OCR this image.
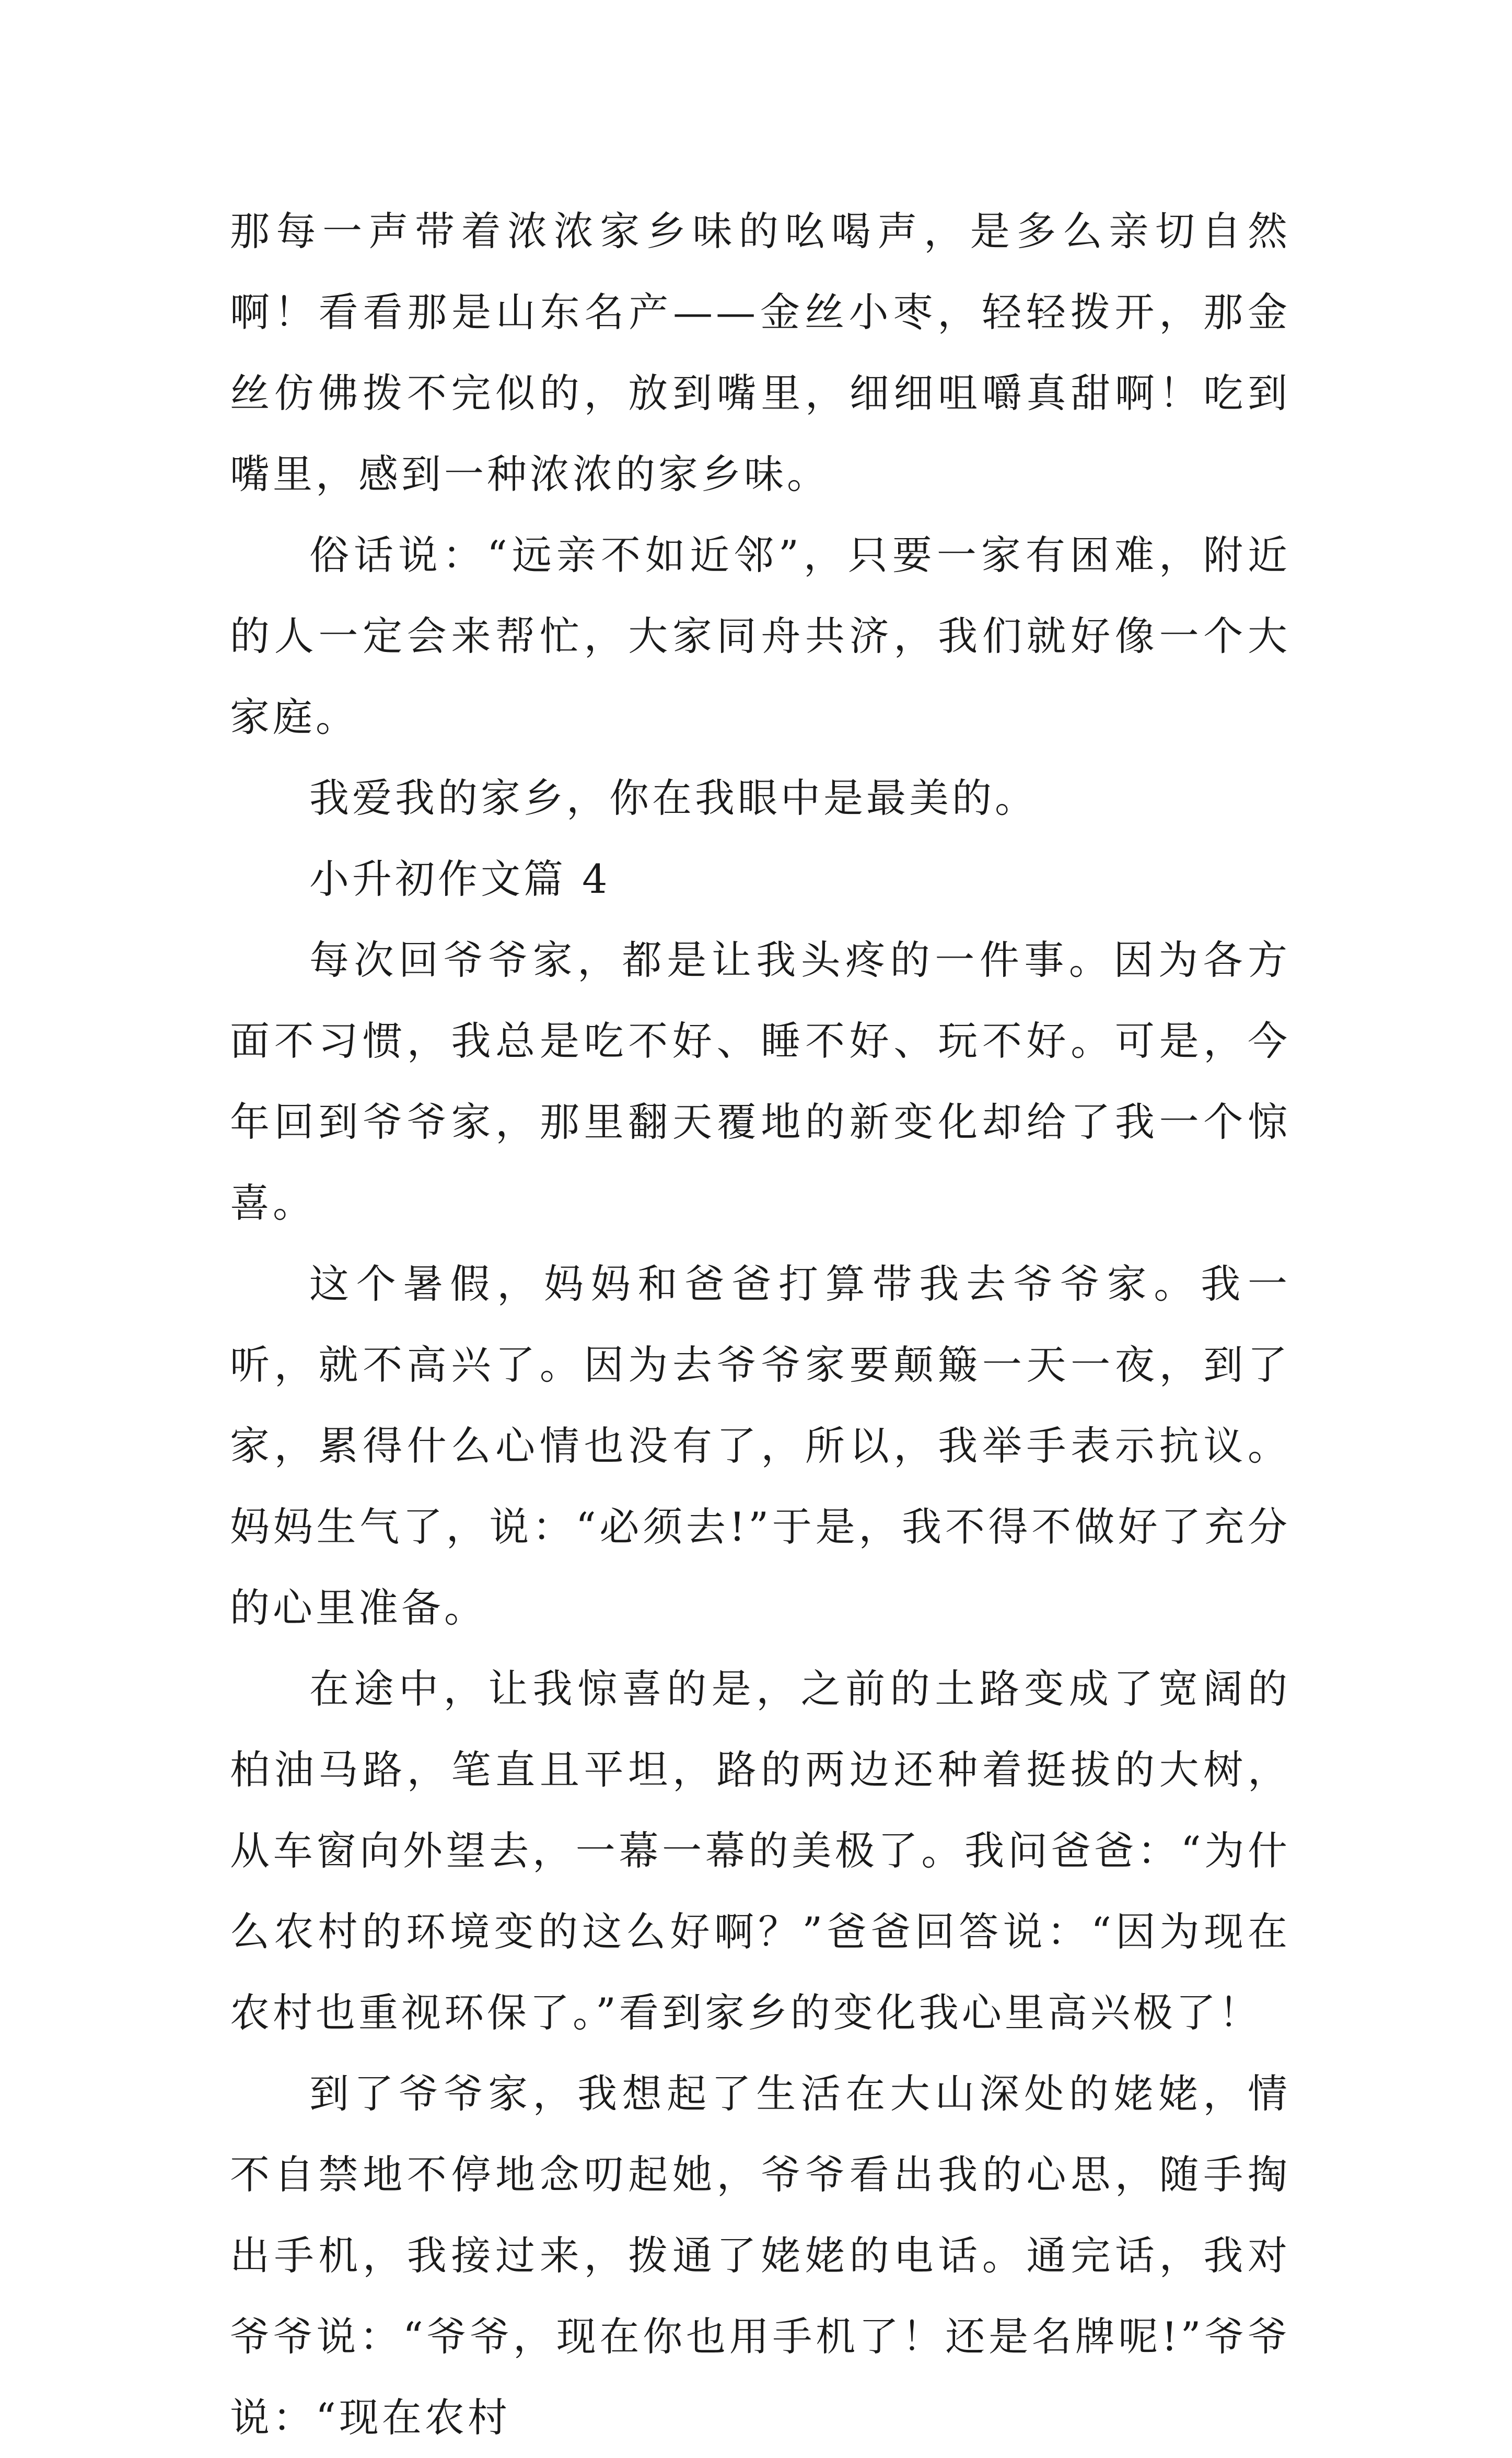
那每一声带着浓浓家乡味的吆喝声，是多么亲切自然啊！看看那是山东名产——金丝小枣，轻轻拨开，那金丝仿佛拨不完似的，放到嘴里，细细咀嚼真甜啊！吃到嘴里，感到一种浓浓的家乡味。

俗话说：“远亲不如近邻”，只要一家有困难，附近的人一定会来帮忙，大家同舟共济，我们就好像一个大家庭。

我爱我的家乡，你在我眼中是最美的。

小升初作文篇 4

每次回爷爷家，都是让我头疼的一件事。因为各方面不习惯，我总是吃不好、睡不好、玩不好。可是，今年回到爷爷家，那里翻天覆地的新变化却给了我一个惊喜。

这个暑假，妈妈和爸爸打算带我去爷爷家。我一听，就不高兴了。因为去爷爷家要颠簸一天一夜，到了家，累得什么心情也没有了，所以，我举手表示抗议。妈妈生气了，说：“必须去!”于是，我不得不做好了充分的心里准备。

在途中，让我惊喜的是，之前的土路变成了宽阔的柏油马路，笔直且平坦，路的两边还种着挺拔的大树，从车窗向外望去，一幕一幕的美极了。我问爸爸：“为什么农村的环境变的这么好啊？”爸爸回答说：“因为现在农村也重视环保了。”看到家乡的变化我心里高兴极了！

到了爷爷家，我想起了生活在大山深处的姥姥，情不自禁地不停地念叨起她，爷爷看出我的心思，随手掏出手机，我接过来，拨通了姥姥的电话。通完话，我对爷爷说：“爷爷，现在你也用手机了！还是名牌呢!”爷爷说：“现在农村
